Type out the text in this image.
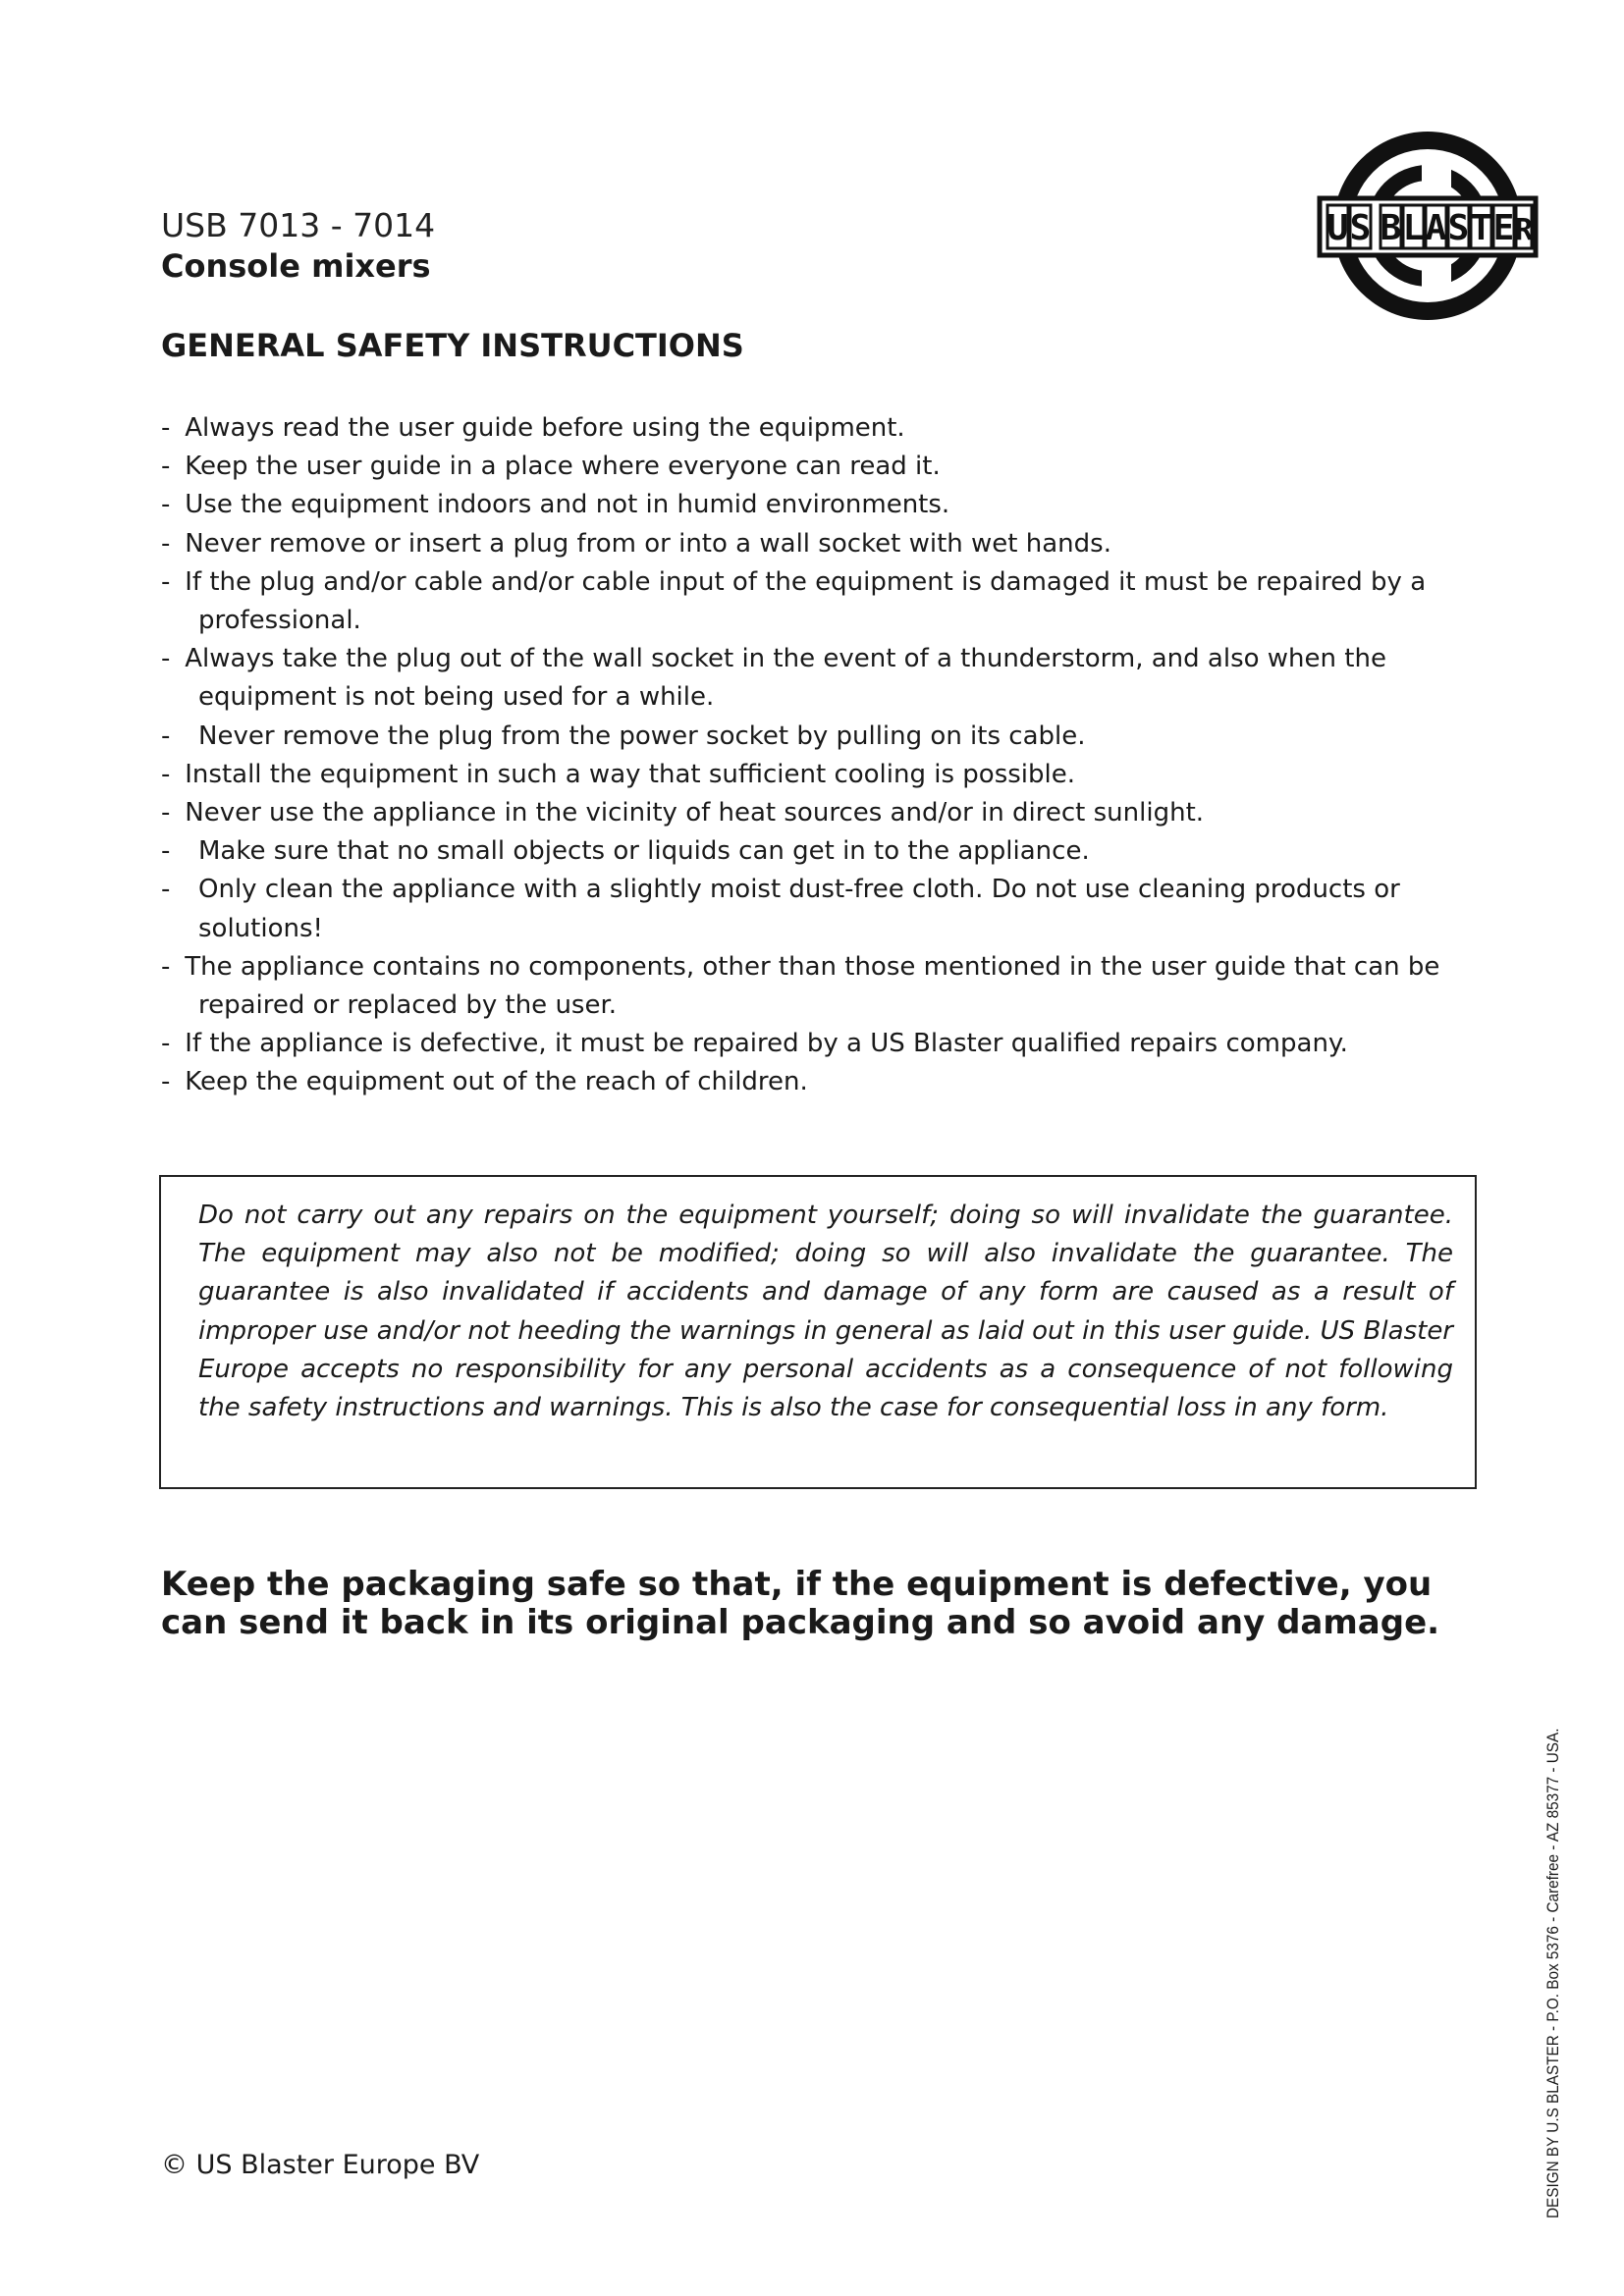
USB 7013 - 7014
Console mixers
U S B L A S T E R
GENERAL SAFETY INSTRUCTIONS
- Always read the user guide before using the equipment.
- Keep the user guide in a place where everyone can read it.
- Use the equipment indoors and not in humid environments.
- Never remove or insert a plug from or into a wall socket with wet hands.
- If the plug and/or cable and/or cable input of the equipment is damaged it must be repaired by a professional.
- Always take the plug out of the wall socket in the event of a thunderstorm, and also when the equipment is not being used for a while.
- Never remove the plug from the power socket by pulling on its cable.
- Install the equipment in such a way that sufficient cooling is possible.
- Never use the appliance in the vicinity of heat sources and/or in direct sunlight.
- Make sure that no small objects or liquids can get in to the appliance.
- Only clean the appliance with a slightly moist dust-free cloth. Do not use cleaning products or solutions!
- The appliance contains no components, other than those mentioned in the user guide that can be repaired or replaced by the user.
- If the appliance is defective, it must be repaired by a US Blaster qualified repairs company.
- Keep the equipment out of the reach of children.

Do not carry out any repairs on the equipment yourself; doing so will invalidate the guarantee. The equipment may also not be modified; doing so will also invalidate the guarantee. The guarantee is also invalidated if accidents and damage of any form are caused as a result of improper use and/or not heeding the warnings in general as laid out in this user guide. US Blaster Europe accepts no responsibility for any personal accidents as a consequence of not following the safety instructions and warnings. This is also the case for consequential loss in any form.

Keep the packaging safe so that, if the equipment is defective, you can send it back in its original packaging and so avoid any damage.

© US Blaster Europe BV	DESIGN BY U.S BLASTER - P.O. Box 5376 - Carefree - AZ 85377 - USA.
